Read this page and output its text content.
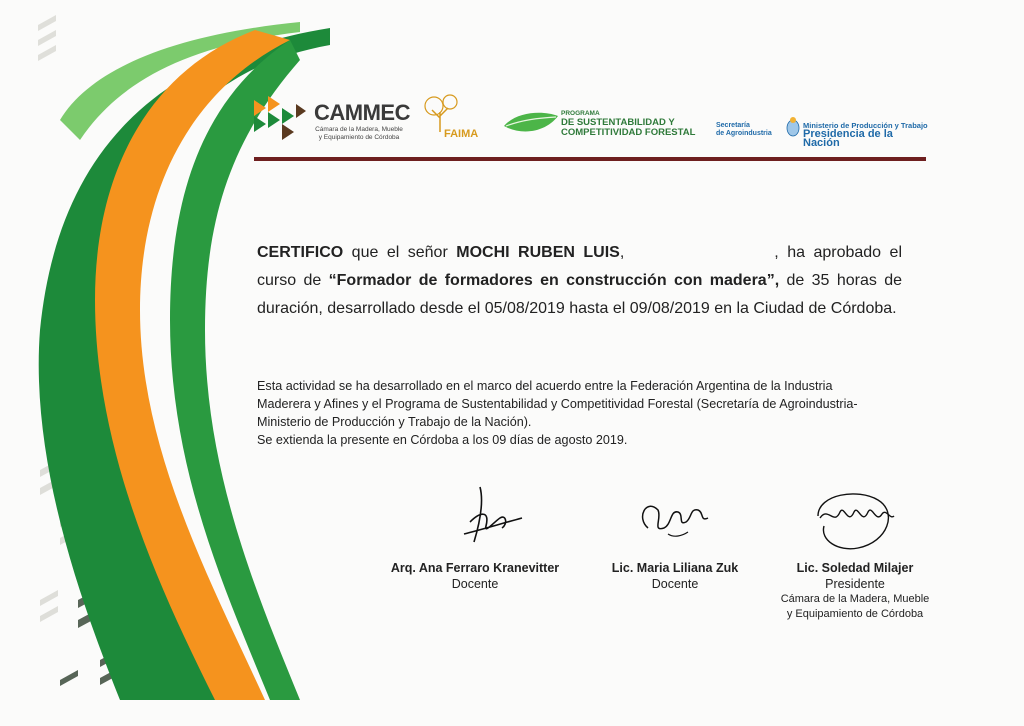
CAMMEC
Cámara de la Madera, Mueble
y Equipamiento de Córdoba	FAIMA
PROGRAMA
DE SUSTENTABILIDAD Y
COMPETITIVIDAD FORESTAL
Secretaría
de Agroindustria
Ministerio de Producción y Trabajo
Presidencia de la Nación
CERTIFICO que el señor MOCHI RUBEN LUIS,	, ha aprobado el curso de “Formador de formadores en construcción con madera”, de 35 horas de duración, desarrollado desde el 05/08/2019 hasta el 09/08/2019 en la Ciudad de Córdoba.
Esta actividad se ha desarrollado en el marco del acuerdo entre la Federación Argentina de la Industria
Maderera y Afines y el Programa de Sustentabilidad y Competitividad Forestal (Secretaría de Agroindustria-
Ministerio de Producción y Trabajo de la Nación).
Se extienda la presente en Córdoba a los 09 días de agosto 2019.
Arq. Ana Ferraro Kranevitter
Docente
Lic. Maria Liliana Zuk
Docente
Lic. Soledad Milajer
Presidente
Cámara de la Madera, Mueble
y Equipamiento de Córdoba
